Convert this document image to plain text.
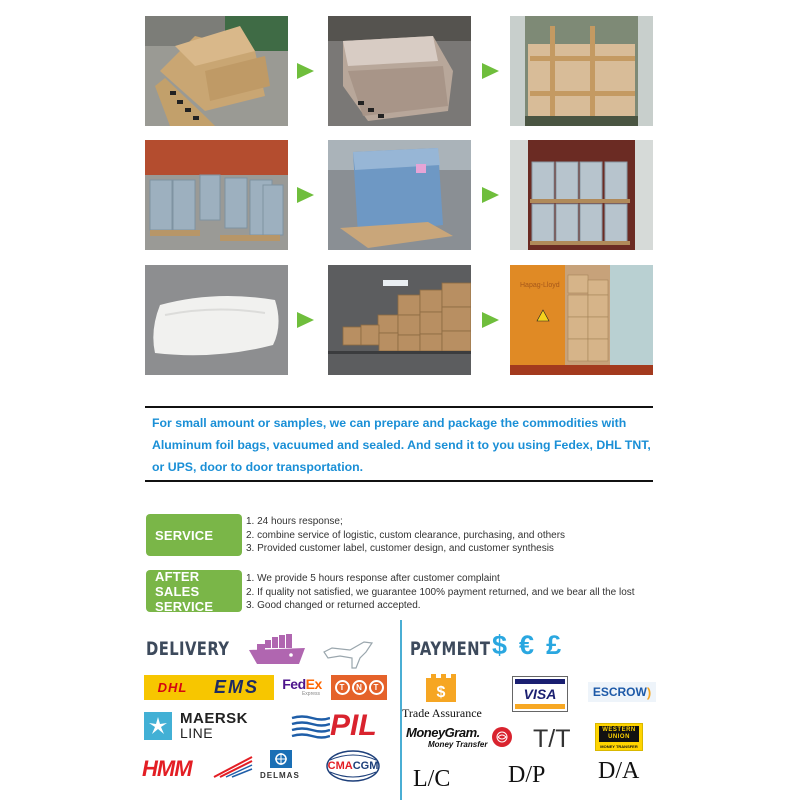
Hapag-Lloyd

For small amount or samples, we can prepare and package the commodities with Aluminum foil bags, vacuumed and sealed. And send it to you using Fedex, DHL TNT, or UPS, door to door transportation.

SERVICE
1. 24 hours response;
2. combine service of logistic, custom clearance, purchasing, and others
3. Provided customer label, customer design, and customer synthesis
AFTER SALES
SERVICE
1. We provide 5 hours response after customer complaint
2. If quality not satisfied, we guarantee 100% payment returned, and we bear all the lost
3. Good changed or returned accepted.
DELIVERY
DHL EMS FedEx
Express
T	N	T
MAERSK
LINE	PIL
HMM	DELMAS
CMA CGM
PAYMENT $ € £
$
Trade Assurance
VISA	ESCROW )
MoneyGram.
Money Transfer T/T	WESTERN
UNION
MONEY TRANSFER
L/C D/P D/A
